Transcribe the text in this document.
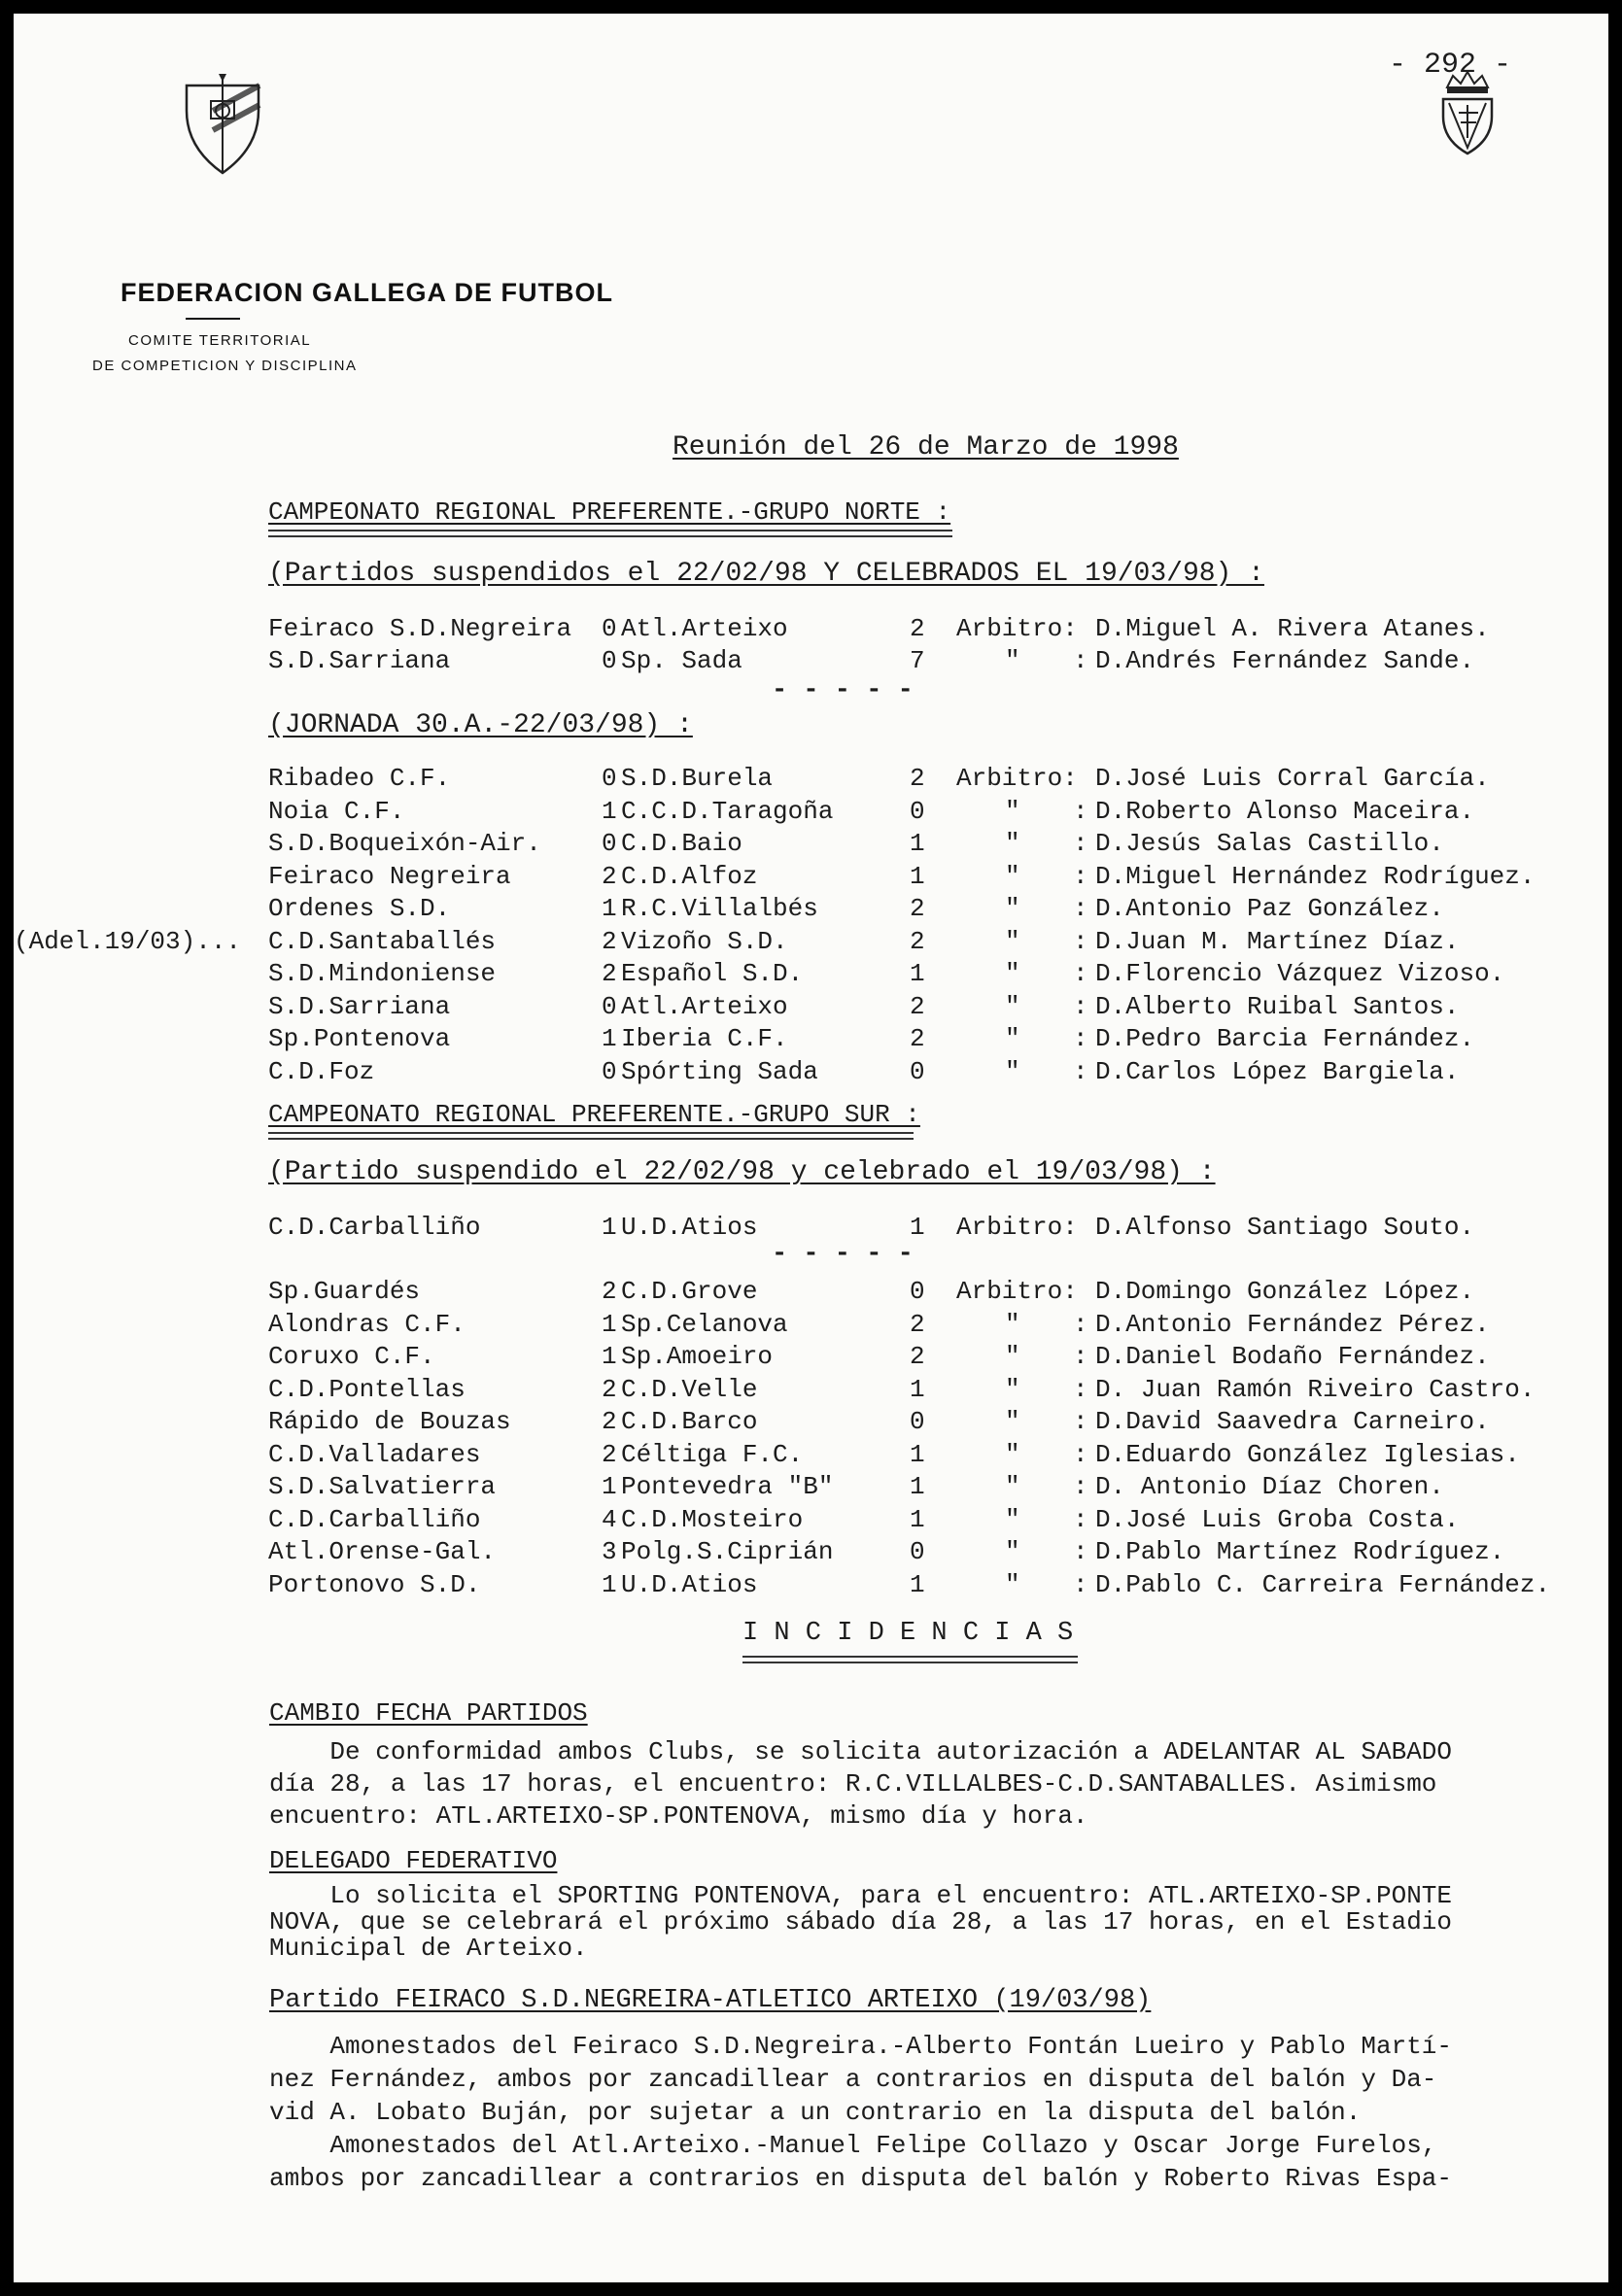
- 292 -
FEDERACION GALLEGA DE FUTBOL
COMITE TERRITORIAL
DE COMPETICION Y DISCIPLINA
Reunión del 26 de Marzo de 1998
CAMPEONATO REGIONAL PREFERENTE.-GRUPO NORTE :
(Partidos suspendidos el 22/02/98 Y CELEBRADOS EL 19/03/98) :
Feiraco S.D.Negreira 0 Atl.Arteixo	2 Arbitro: D.Miguel A. Rivera Atanes.
S.D.Sarriana	0 Sp. Sada	7	"	D.Andrés Fernández Sande.
:
- - - - -
(JORNADA 30.A.-22/03/98) :
Ribadeo C.F.	0 S.D.Burela	2 Arbitro: D.José Luis Corral García.
Noia C.F.	1 C.C.D.Taragoña	0	"	D.Roberto Alonso Maceira.
:
S.D.Boqueixón-Air. 0 C.D.Baio	1	"	D.Jesús Salas Castillo.
:
Feiraco Negreira	2 C.D.Alfoz	1	"	D.Miguel Hernández Rodríguez.
:
Ordenes S.D.	1 R.C.Villalbés	2	"	D.Antonio Paz González.
:
(Adel.19/03)... C.D.Santaballés	2 Vizoño S.D.	2	"	D.Juan M. Martínez Díaz.
:
S.D.Mindoniense	2 Español S.D.	1	"	D.Florencio Vázquez Vizoso.
:
S.D.Sarriana	0 Atl.Arteixo	2	"	D.Alberto Ruibal Santos.
:
Sp.Pontenova	1 Iberia C.F.	2	"	D.Pedro Barcia Fernández.
:
C.D.Foz	0 Spórting Sada	0	"	D.Carlos López Bargiela.
:
CAMPEONATO REGIONAL PREFERENTE.-GRUPO SUR :
(Partido suspendido el 22/02/98 y celebrado el 19/03/98) :
C.D.Carballiño	1 U.D.Atios	1 Arbitro: D.Alfonso Santiago Souto.
- - - - -
Sp.Guardés	2 C.D.Grove	0 Arbitro: D.Domingo González López.
Alondras C.F.	1 Sp.Celanova	2	"	D.Antonio Fernández Pérez.
:
Coruxo C.F.	1 Sp.Amoeiro	2	"	D.Daniel Bodaño Fernández.
:
C.D.Pontellas	2 C.D.Velle	1	"	D. Juan Ramón Riveiro Castro.
:
Rápido de Bouzas	2 C.D.Barco	0	"	D.David Saavedra Carneiro.
:
C.D.Valladares	2 Céltiga F.C.	1	"	D.Eduardo González Iglesias.
:
S.D.Salvatierra	1 Pontevedra "B"	1	"	D. Antonio Díaz Choren.
:
C.D.Carballiño	4 C.D.Mosteiro	1	"	D.José Luis Groba Costa.
:
Atl.Orense-Gal.	3 Polg.S.Ciprián	0	"	D.Pablo Martínez Rodríguez.
:
Portonovo S.D.	1 U.D.Atios	1	"	D.Pablo C. Carreira Fernández.
:
I N C I D E N C I A S
CAMBIO FECHA PARTIDOS
De conformidad ambos Clubs, se solicita autorización a ADELANTAR AL SABADO
día 28, a las 17 horas, el encuentro: R.C.VILLALBES-C.D.SANTABALLES. Asimismo
encuentro: ATL.ARTEIXO-SP.PONTENOVA, mismo día y hora.
DELEGADO FEDERATIVO
Lo solicita el SPORTING PONTENOVA, para el encuentro: ATL.ARTEIXO-SP.PONTE
NOVA, que se celebrará el próximo sábado día 28, a las 17 horas, en el Estadio
Municipal de Arteixo.
Partido FEIRACO S.D.NEGREIRA-ATLETICO ARTEIXO (19/03/98)
Amonestados del Feiraco S.D.Negreira.-Alberto Fontán Lueiro y Pablo Martí-
nez Fernández, ambos por zancadillear a contrarios en disputa del balón y Da-
vid A. Lobato Buján, por sujetar a un contrario en la disputa del balón.
Amonestados del Atl.Arteixo.-Manuel Felipe Collazo y Oscar Jorge Furelos,
ambos por zancadillear a contrarios en disputa del balón y Roberto Rivas Espa-
